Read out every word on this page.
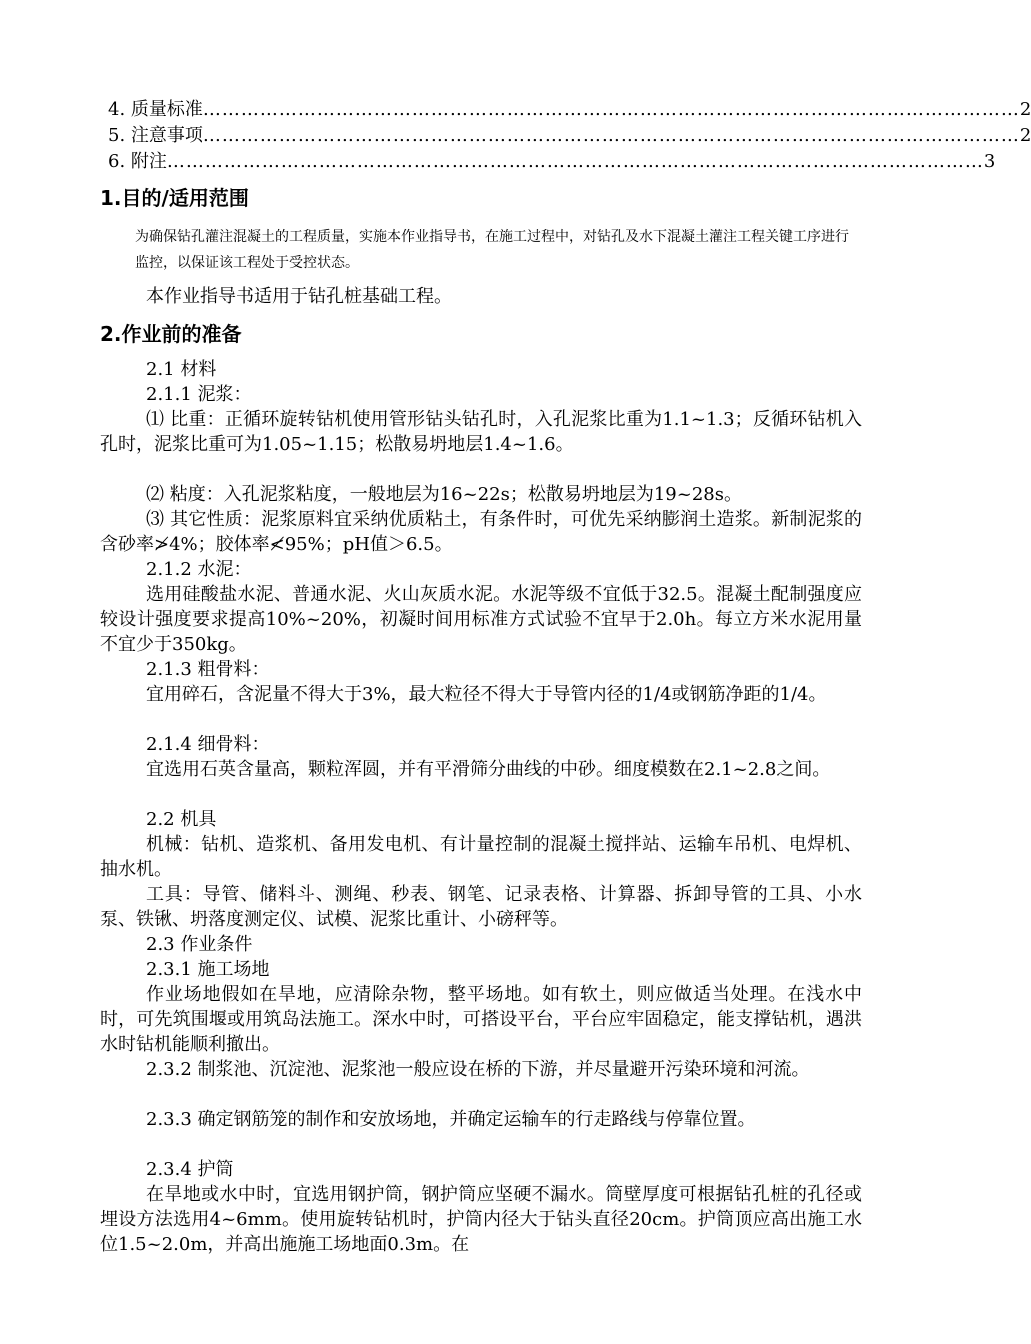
4. 质量标准 ………………………………………………………………………………………………………………… 2
5. 注意事项 ………………………………………………………………………………………………………………… 2
6. 附注 ………………………………………………………………………………………………………………… 3
1.目的/适用范围
为确保钻孔灌注混凝土的工程质量，实施本作业指导书，在施工过程中，对钻孔及水下混凝土灌注工程关键工序进行监控，以保证该工程处于受控状态。
本作业指导书适用于钻孔桩基础工程。
2.作业前的准备
2.1 材料
2.1.1 泥浆：
⑴ 比重：正循环旋转钻机使用管形钻头钻孔时，入孔泥浆比重为1.1~1.3；反循环钻机入孔时，泥浆比重可为1.05~1.15；松散易坍地层1.4~1.6。
⑵ 粘度：入孔泥浆粘度，一般地层为16~22s；松散易坍地层为19~28s。
⑶ 其它性质：泥浆原料宜采纳优质粘土，有条件时，可优先采纳膨润土造浆。新制泥浆的含砂率≯4%；胶体率≮95%；pH值＞6.5。
2.1.2 水泥：
选用硅酸盐水泥、普通水泥、火山灰质水泥。水泥等级不宜低于32.5。混凝土配制强度应较设计强度要求提高10%~20%，初凝时间用标准方式试验不宜早于2.0h。每立方米水泥用量不宜少于350kg。
2.1.3 粗骨料：
宜用碎石，含泥量不得大于3%，最大粒径不得大于导管内径的1/4或钢筋净距的1/4。
2.1.4 细骨料：
宜选用石英含量高，颗粒浑圆，并有平滑筛分曲线的中砂。细度模数在2.1~2.8之间。
2.2 机具
机械：钻机、造浆机、备用发电机、有计量控制的混凝土搅拌站、运输车吊机、电焊机、抽水机。
工具：导管、储料斗、测绳、秒表、钢笔、记录表格、计算器、拆卸导管的工具、小水泵、铁锹、坍落度测定仪、试模、泥浆比重计、小磅秤等。
2.3 作业条件
2.3.1 施工场地
作业场地假如在旱地，应清除杂物，整平场地。如有软土，则应做适当处理。在浅水中时，可先筑围堰或用筑岛法施工。深水中时，可搭设平台，平台应牢固稳定，能支撑钻机，遇洪水时钻机能顺利撤出。
2.3.2 制浆池、沉淀池、泥浆池一般应设在桥的下游，并尽量避开污染环境和河流。
2.3.3 确定钢筋笼的制作和安放场地，并确定运输车的行走路线与停靠位置。
2.3.4 护筒
在旱地或水中时，宜选用钢护筒，钢护筒应坚硬不漏水。筒壁厚度可根据钻孔桩的孔径或埋设方法选用4~6mm。使用旋转钻机时，护筒内径大于钻头直径20cm。护筒顶应高出施工水位1.5~2.0m，并高出施施工场地面0.3m。在
